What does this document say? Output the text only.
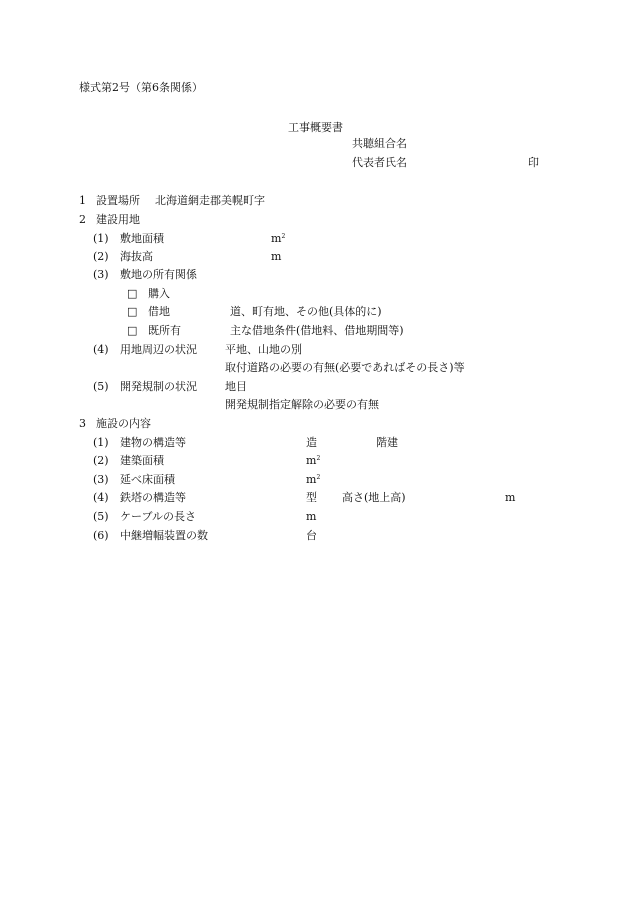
様式第2号（第6条関係）
工事概要書
共聴組合名
代表者氏名	印
1 設置場所 北海道網走郡美幌町字
2 建設用地
(1) 敷地面積	$m^2$
(2) 海抜高	m
(3) 敷地の所有関係
□ 購入
□ 借地	道、町有地、その他(具体的に)
□ 既所有	主な借地条件(借地料、借地期間等)
(4) 用地周辺の状況	平地、山地の別
取付道路の必要の有無(必要であればその長さ)等
(5) 開発規制の状況	地目
開発規制指定解除の必要の有無
3 施設の内容
(1) 建物の構造等	造	階建
(2) 建築面積	$m^2$
(3) 延べ床面積	$m^2$
(4) 鉄塔の構造等	型 高さ(地上高)	m
(5) ケーブルの長さ	m
(6) 中継増幅装置の数	台
